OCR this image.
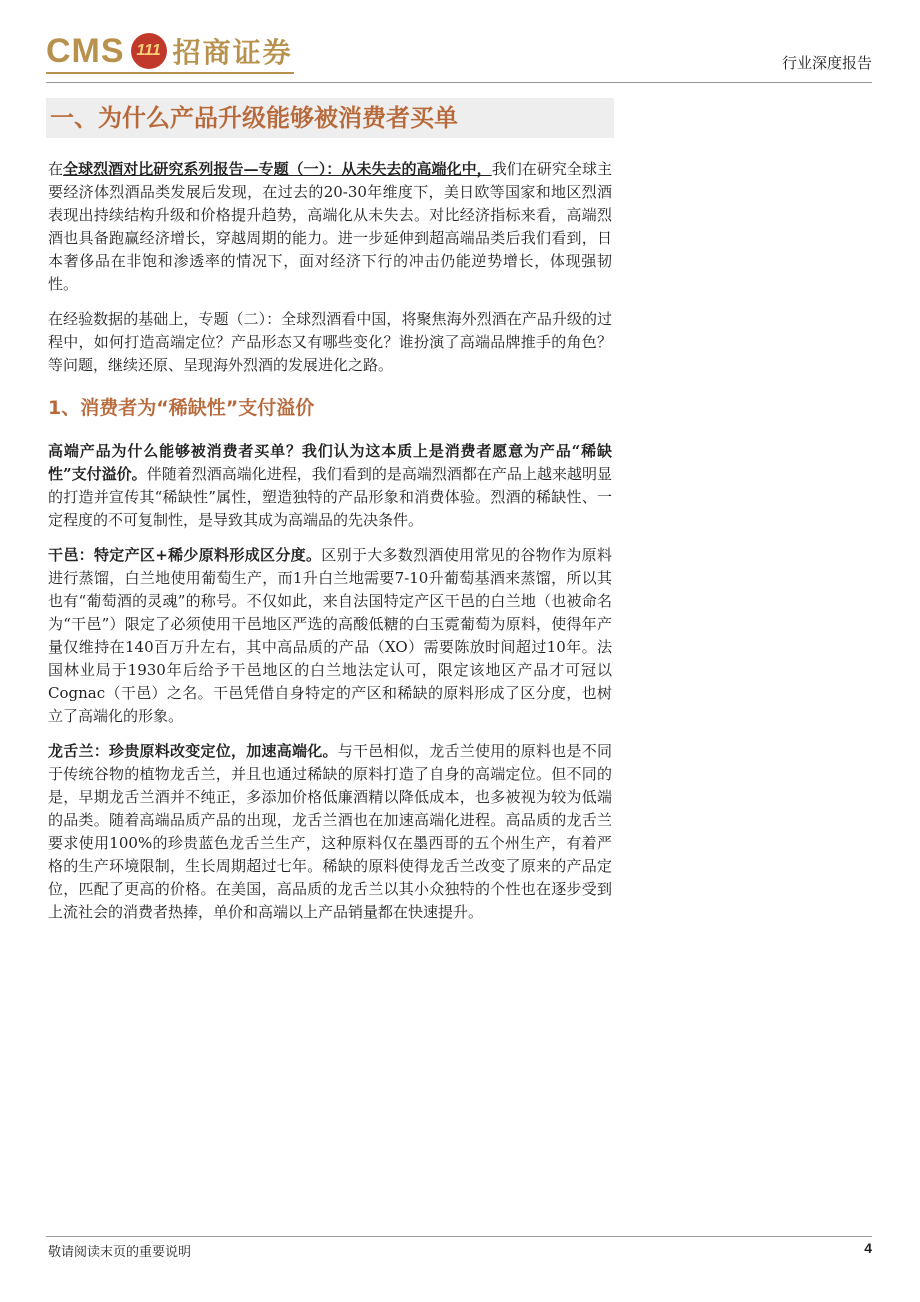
CMS 111 招商证券	行业深度报告
一、为什么产品升级能够被消费者买单

在全球烈酒对比研究系列报告—专题（一）：从未失去的高端化中，我们在研究全球主要经济体烈酒品类发展后发现，在过去的20-30年维度下，美日欧等国家和地区烈酒表现出持续结构升级和价格提升趋势，高端化从未失去。对比经济指标来看，高端烈酒也具备跑赢经济增长，穿越周期的能力。进一步延伸到超高端品类后我们看到，日本奢侈品在非饱和渗透率的情况下，面对经济下行的冲击仍能逆势增长，体现强韧性。

在经验数据的基础上，专题（二）：全球烈酒看中国，将聚焦海外烈酒在产品升级的过程中，如何打造高端定位？产品形态又有哪些变化？谁扮演了高端品牌推手的角色？等问题，继续还原、呈现海外烈酒的发展进化之路。

1、消费者为“稀缺性”支付溢价

高端产品为什么能够被消费者买单？我们认为这本质上是消费者愿意为产品“稀缺性”支付溢价。伴随着烈酒高端化进程，我们看到的是高端烈酒都在产品上越来越明显的打造并宣传其“稀缺性”属性，塑造独特的产品形象和消费体验。烈酒的稀缺性、一定程度的不可复制性，是导致其成为高端品的先决条件。

干邑：特定产区+稀少原料形成区分度。区别于大多数烈酒使用常见的谷物作为原料进行蒸馏，白兰地使用葡萄生产，而1升白兰地需要7-10升葡萄基酒来蒸馏，所以其也有“葡萄酒的灵魂”的称号。不仅如此，来自法国特定产区干邑的白兰地（也被命名为“干邑”）限定了必须使用干邑地区严选的高酸低糖的白玉霓葡萄为原料，使得年产量仅维持在140百万升左右，其中高品质的产品（XO）需要陈放时间超过10年。法国林业局于1930年后给予干邑地区的白兰地法定认可，限定该地区产品才可冠以Cognac（干邑）之名。干邑凭借自身特定的产区和稀缺的原料形成了区分度，也树立了高端化的形象。

龙舌兰：珍贵原料改变定位，加速高端化。与干邑相似，龙舌兰使用的原料也是不同于传统谷物的植物龙舌兰，并且也通过稀缺的原料打造了自身的高端定位。但不同的是，早期龙舌兰酒并不纯正，多添加价格低廉酒精以降低成本，也多被视为较为低端的品类。随着高端品质产品的出现，龙舌兰酒也在加速高端化进程。高品质的龙舌兰要求使用100%的珍贵蓝色龙舌兰生产，这种原料仅在墨西哥的五个州生产，有着严格的生产环境限制，生长周期超过七年。稀缺的原料使得龙舌兰改变了原来的产品定位，匹配了更高的价格。在美国，高品质的龙舌兰以其小众独特的个性也在逐步受到上流社会的消费者热捧，单价和高端以上产品销量都在快速提升。

敬请阅读末页的重要说明	4
